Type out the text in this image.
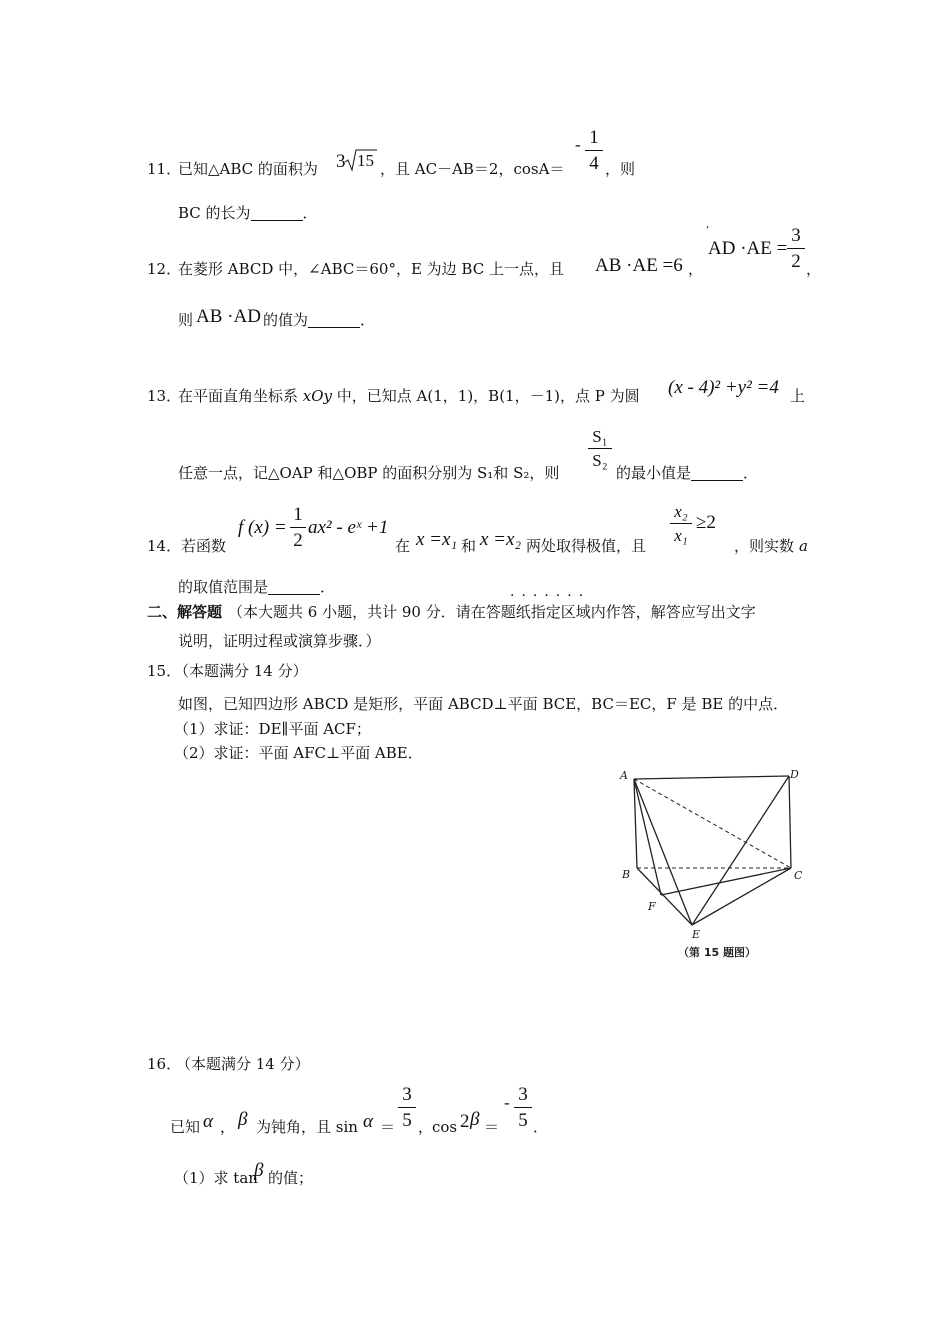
11．
已知△ABC 的面积为 3 15 ，且 AC－AB＝2，cosA＝
- 1
4 ，则
BC 的长为	．
12．
在菱形 ABCD 中，∠ABC＝60°，E 为边 BC 上一点，且 AB ·AE =6 ，
,
AD ·AE =
3
2 ，
则 AB ·AD 的值为	．
13．
在平面直角坐标系 xOy 中，已知点 A(1，1)，B(1，－1)，点 P 为圆 (x - 4)² +y² =4 上
任意一点，记△OAP 和△OBP 的面积分别为 S₁和 S₂，则
S₁
S₂
的最小值是	．
14． 若函数
f (x) =
1
2
ax² - eˣ +1
在 x =x₁ 和 x =x₂ 两处取得极值，且
x₂
x₁
≥2
，则实数 a
的取值范围是	．	·······
二、解答题 （本大题共 6 小题，共计 90 分．请在答题纸指定区域内作答，解答应写出文字
说明，证明过程或演算步骤．）
15．
（本题满分 14 分）
如图，已知四边形 ABCD 是矩形，平面 ABCD⊥平面 BCE，BC＝EC，F 是 BE 的中点．
（1）求证：DE∥平面 ACF；
（2）求证：平面 AFC⊥平面 ABE．
A	D
B	C
F
E
（第 15 题图）
16．
（本题满分 14 分）
已知 α ， β 为钝角，且 sin α ＝
3
5 ，
cos 2 β ＝
- 3
5 ．
（1）求 tan
β 的值；
